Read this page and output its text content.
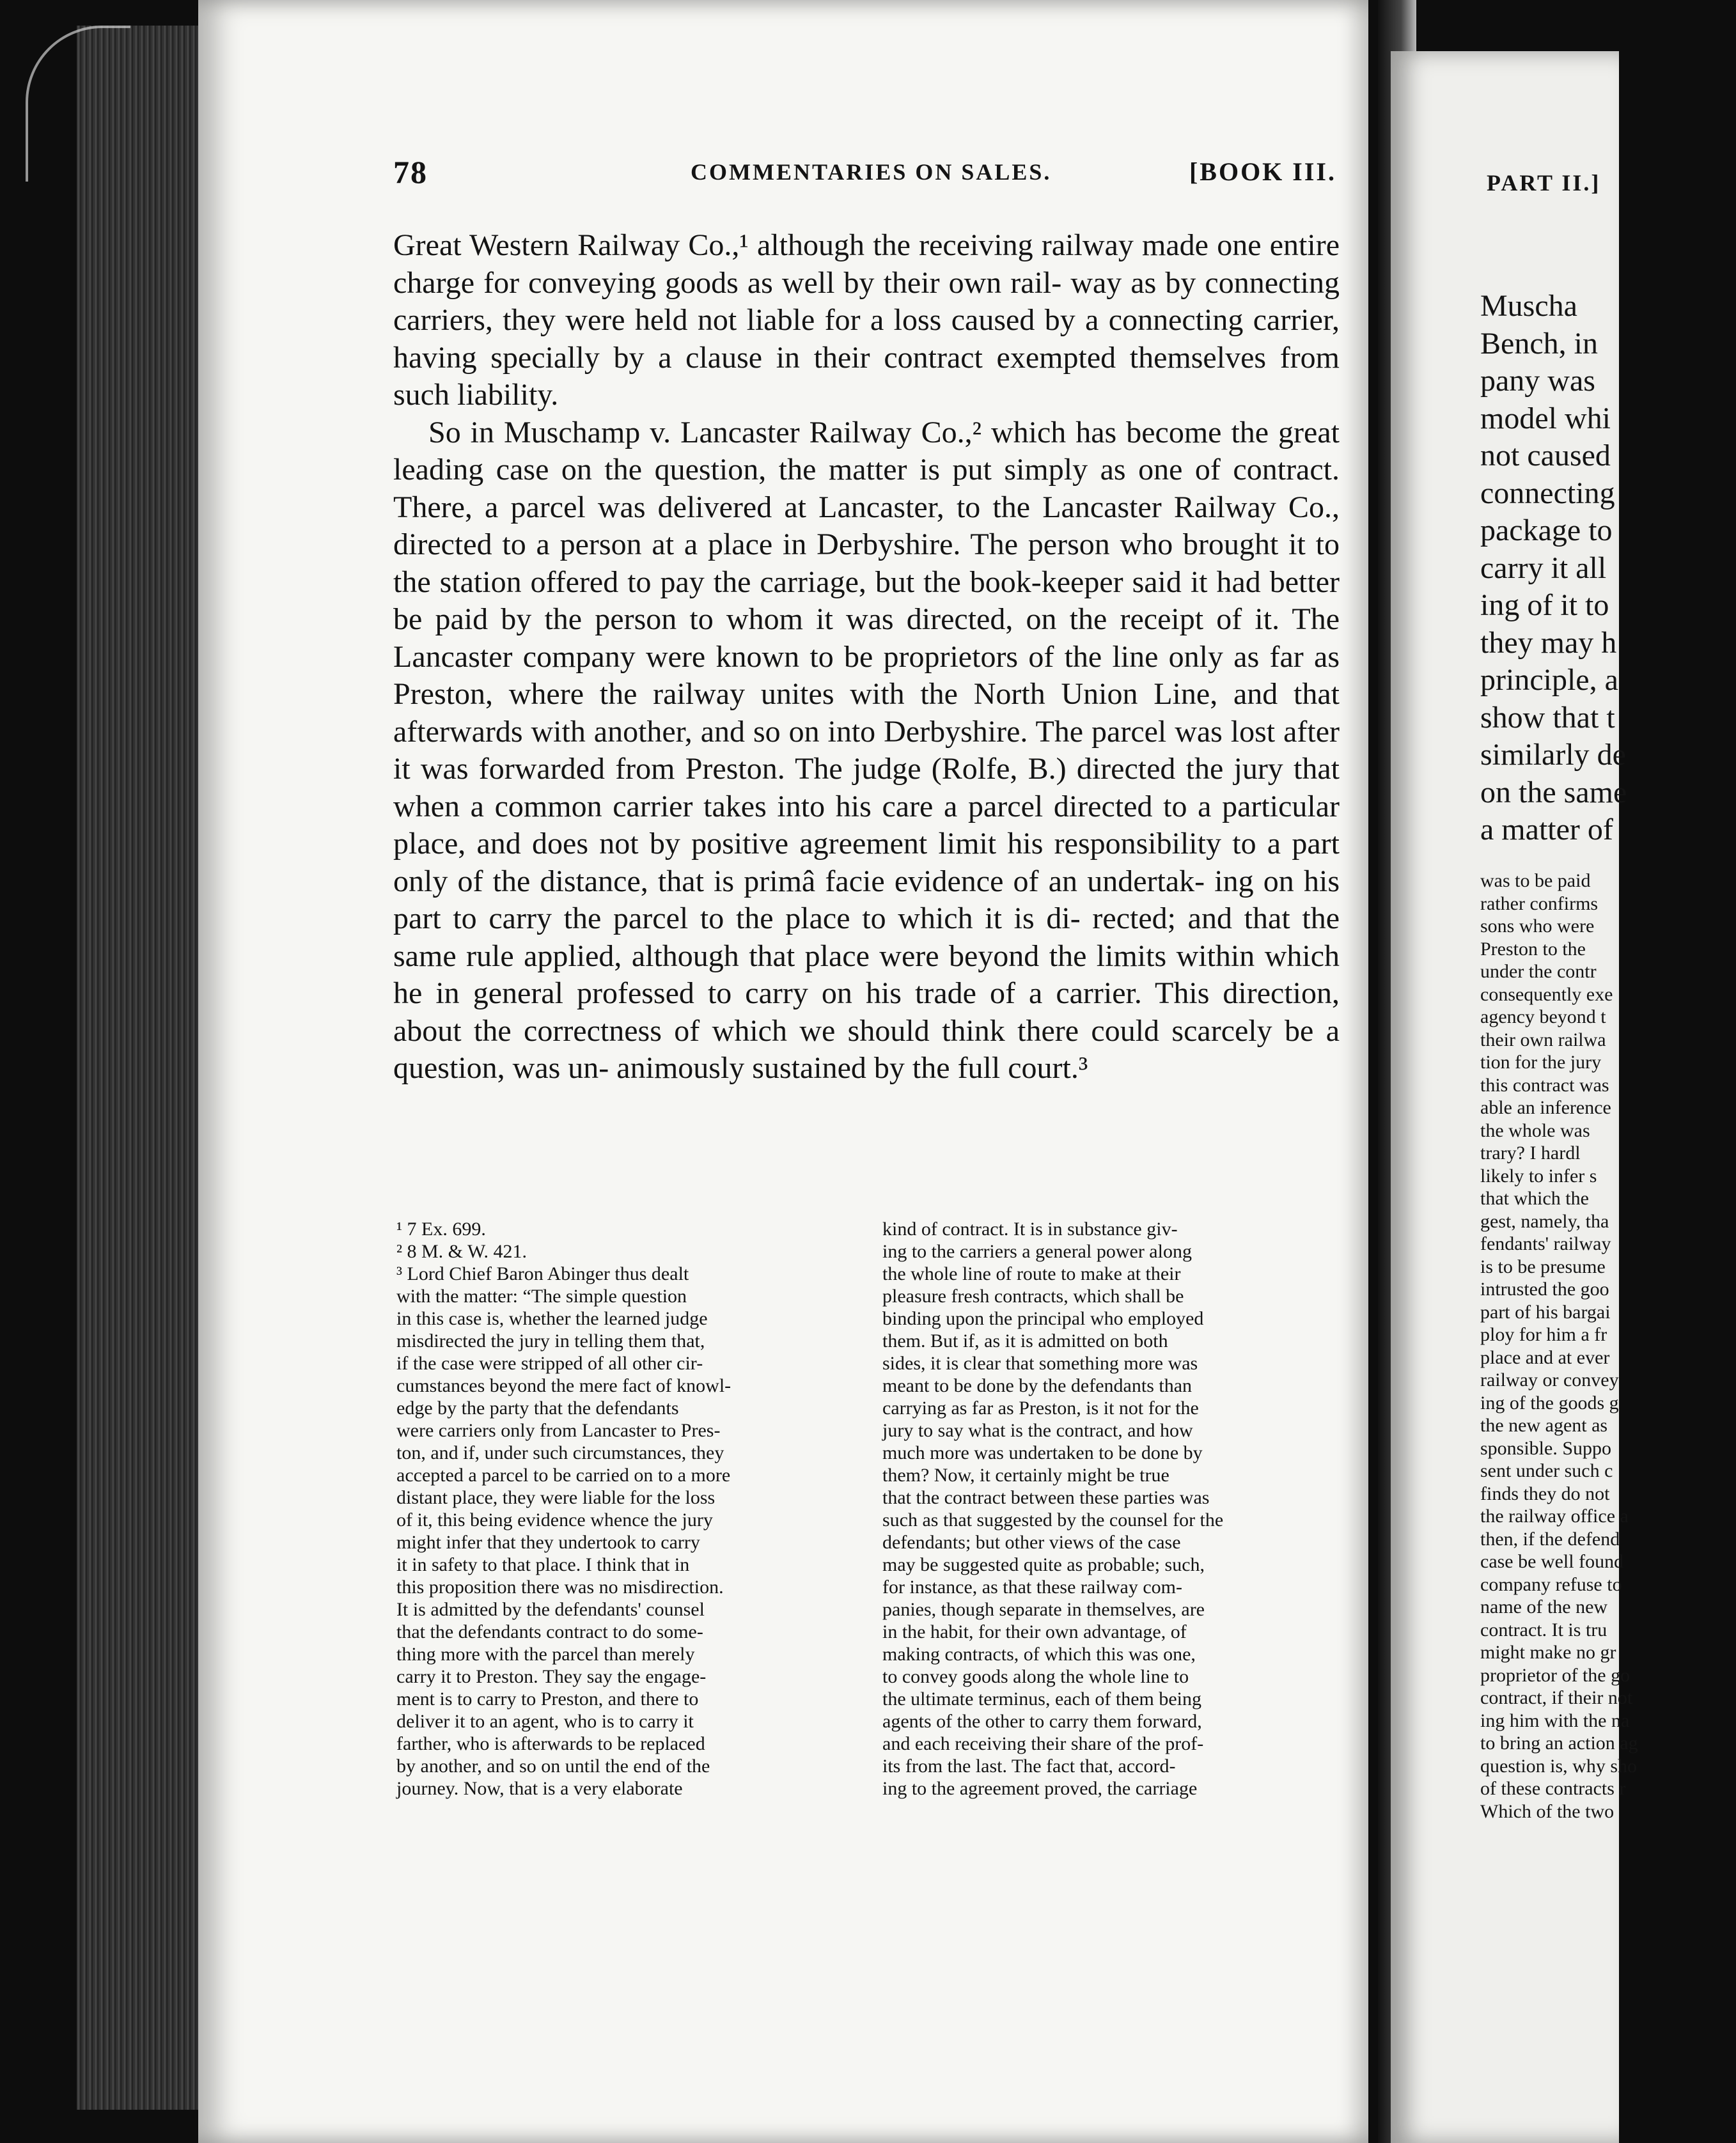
78	COMMENTARIES ON SALES.	[BOOK III.

Great Western Railway Co.,¹ although the receiving railway made one entire charge for conveying goods as well by their own rail- way as by connecting carriers, they were held not liable for a loss caused by a connecting carrier, having specially by a clause in their contract exempted themselves from such liability.

So in Muschamp v. Lancaster Railway Co.,² which has become the great leading case on the question, the matter is put simply as one of contract. There, a parcel was delivered at Lancaster, to the Lancaster Railway Co., directed to a person at a place in Derbyshire. The person who brought it to the station offered to pay the carriage, but the book-keeper said it had better be paid by the person to whom it was directed, on the receipt of it. The Lancaster company were known to be proprietors of the line only as far as Preston, where the railway unites with the North Union Line, and that afterwards with another, and so on into Derbyshire. The parcel was lost after it was forwarded from Preston. The judge (Rolfe, B.) directed the jury that when a common carrier takes into his care a parcel directed to a particular place, and does not by positive agreement limit his responsibility to a part only of the distance, that is primâ facie evidence of an undertak- ing on his part to carry the parcel to the place to which it is di- rected; and that the same rule applied, although that place were beyond the limits within which he in general professed to carry on his trade of a carrier. This direction, about the correctness of which we should think there could scarcely be a question, was un- animously sustained by the full court.³

¹ 7 Ex. 699.
² 8 M. & W. 421.
³ Lord Chief Baron Abinger thus dealt
with the matter: “The simple question
in this case is, whether the learned judge
misdirected the jury in telling them that,
if the case were stripped of all other cir-
cumstances beyond the mere fact of knowl-
edge by the party that the defendants
were carriers only from Lancaster to Pres-
ton, and if, under such circumstances, they
accepted a parcel to be carried on to a more
distant place, they were liable for the loss
of it, this being evidence whence the jury
might infer that they undertook to carry
it in safety to that place. I think that in
this proposition there was no misdirection.
It is admitted by the defendants' counsel
that the defendants contract to do some-
thing more with the parcel than merely
carry it to Preston. They say the engage-
ment is to carry to Preston, and there to
deliver it to an agent, who is to carry it
farther, who is afterwards to be replaced
by another, and so on until the end of the
journey. Now, that is a very elaborate
kind of contract. It is in substance giv-
ing to the carriers a general power along
the whole line of route to make at their
pleasure fresh contracts, which shall be
binding upon the principal who employed
them. But if, as it is admitted on both
sides, it is clear that something more was
meant to be done by the defendants than
carrying as far as Preston, is it not for the
jury to say what is the contract, and how
much more was undertaken to be done by
them? Now, it certainly might be true
that the contract between these parties was
such as that suggested by the counsel for the
defendants; but other views of the case
may be suggested quite as probable; such,
for instance, as that these railway com-
panies, though separate in themselves, are
in the habit, for their own advantage, of
making contracts, of which this was one,
to convey goods along the whole line to
the ultimate terminus, each of them being
agents of the other to carry them forward,
and each receiving their share of the prof-
its from the last. The fact that, accord-
ing to the agreement proved, the carriage
PART II.]
Muscha
Bench, in
pany was
model whi
not caused
connecting
package to
carry it all
ing of it to
they may h
principle, a
show that t
similarly de
on the same
a matter of
was to be paid
rather confirms
sons who were
Preston to the
under the contr
consequently exe
agency beyond t
their own railwa
tion for the jury
this contract was
able an inference
the whole was
trary? I hardl
likely to infer s
that which the
gest, namely, tha
fendants' railway
is to be presume
intrusted the goo
part of his bargai
ploy for him a fr
place and at ever
railway or convey
ing of the goods g
the new agent as
sponsible. Suppo
sent under such c
finds they do not
the railway office a
then, if the defend
case be well found
company refuse to
name of the new
contract. It is tru
might make no gr
proprietor of the go
contract, if their not
ing him with the na
to bring an action ag
question is, why sho
of these contracts r
Which of the two
